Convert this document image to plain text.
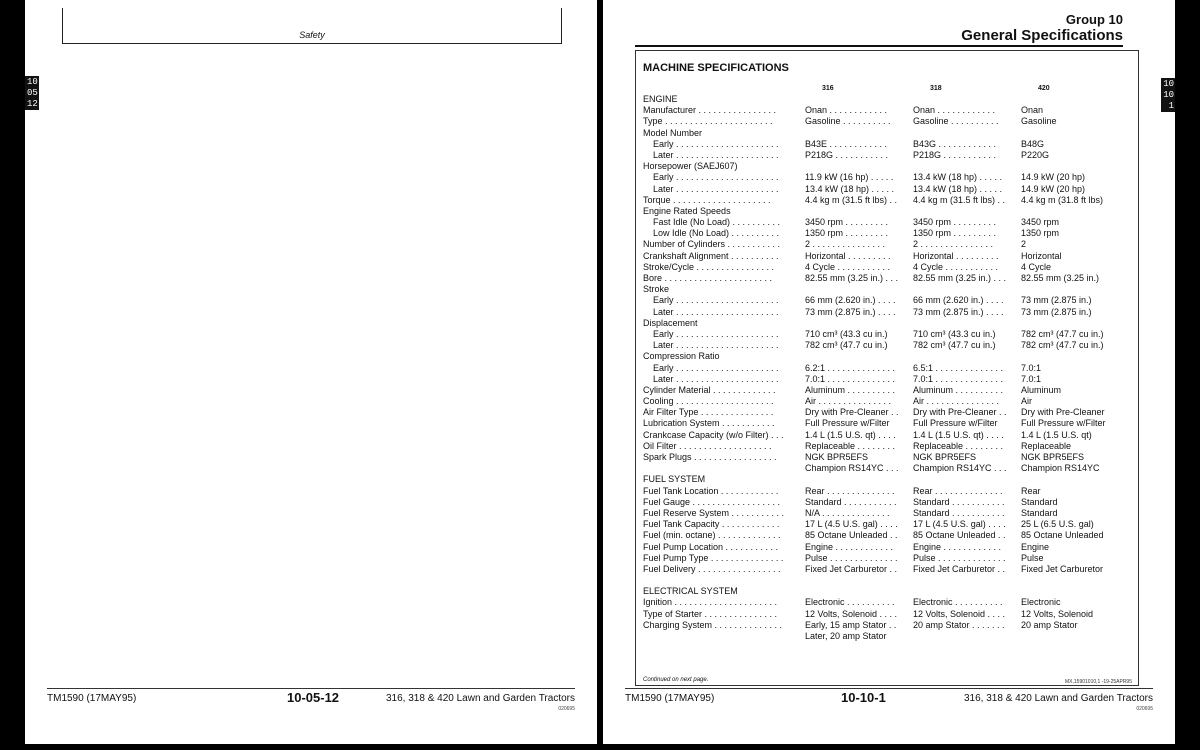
Safety
10
05
12
TM1590 (17MAY95)	10-05-12	316, 318 & 420 Lawn and Garden Tractors
020695
Group 10
General Specifications
10
10
1
MACHINE SPECIFICATIONS
316	318	420
ENGINE
Manufacturer . . . . . . . . . . . . . . . .	Onan . . . . . . . . . . . .	Onan . . . . . . . . . . . .	Onan
Type . . . . . . . . . . . . . . . . . . . . . .	Gasoline . . . . . . . . . .	Gasoline . . . . . . . . . .	Gasoline
Model Number
Early . . . . . . . . . . . . . . . . . . . . .	B43E . . . . . . . . . . . .	B43G . . . . . . . . . . . .	B48G
Later . . . . . . . . . . . . . . . . . . . . .	P218G . . . . . . . . . . .	P218G . . . . . . . . . . .	P220G
Horsepower (SAEJ607)
Early . . . . . . . . . . . . . . . . . . . . .	11.9 kW (16 hp) . . . . .	13.4 kW (18 hp) . . . . .	14.9 kW (20 hp)
Later . . . . . . . . . . . . . . . . . . . . .	13.4 kW (18 hp) . . . . .	13.4 kW (18 hp) . . . . .	14.9 kW (20 hp)
Torque . . . . . . . . . . . . . . . . . . . .	4.4 kg m (31.5 ft lbs) . .	4.4 kg m (31.5 ft lbs) . .	4.4 kg m (31.8 ft lbs)
Engine Rated Speeds
Fast Idle (No Load) . . . . . . . . . .	3450 rpm . . . . . . . . .	3450 rpm . . . . . . . . .	3450 rpm
Low Idle (No Load) . . . . . . . . . .	1350 rpm . . . . . . . . .	1350 rpm . . . . . . . . .	1350 rpm
Number of Cylinders . . . . . . . . . . .	2 . . . . . . . . . . . . . . .	2 . . . . . . . . . . . . . . .	2
Crankshaft Alignment . . . . . . . . . .	Horizontal . . . . . . . . .	Horizontal . . . . . . . . .	Horizontal
Stroke/Cycle . . . . . . . . . . . . . . . .	4 Cycle . . . . . . . . . . .	4 Cycle . . . . . . . . . . .	4 Cycle
Bore . . . . . . . . . . . . . . . . . . . . . .	82.55 mm (3.25 in.) . . .	82.55 mm (3.25 in.) . . .	82.55 mm (3.25 in.)
Stroke
Early . . . . . . . . . . . . . . . . . . . . .	66 mm (2.620 in.) . . . .	66 mm (2.620 in.) . . . .	73 mm (2.875 in.)
Later . . . . . . . . . . . . . . . . . . . . .	73 mm (2.875 in.) . . . .	73 mm (2.875 in.) . . . .	73 mm (2.875 in.)
Displacement
Early . . . . . . . . . . . . . . . . . . . . .	710 cm³ (43.3 cu in.)	710 cm³ (43.3 cu in.)	782 cm³ (47.7 cu in.)
Later . . . . . . . . . . . . . . . . . . . . .	782 cm³ (47.7 cu in.)	782 cm³ (47.7 cu in.)	782 cm³ (47.7 cu in.)
Compression Ratio
Early . . . . . . . . . . . . . . . . . . . . .	6.2:1 . . . . . . . . . . . . . .	6.5:1 . . . . . . . . . . . . . .	7.0:1
Later . . . . . . . . . . . . . . . . . . . . .	7.0:1 . . . . . . . . . . . . . .	7.0:1 . . . . . . . . . . . . . .	7.0:1
Cylinder Material . . . . . . . . . . . . .	Aluminum . . . . . . . . . .	Aluminum . . . . . . . . . .	Aluminum
Cooling . . . . . . . . . . . . . . . . . . . .	Air . . . . . . . . . . . . . . .	Air . . . . . . . . . . . . . . .	Air
Air Filter Type . . . . . . . . . . . . . . .	Dry with Pre-Cleaner . .	Dry with Pre-Cleaner . .	Dry with Pre-Cleaner
Lubrication System . . . . . . . . . . .	Full Pressure w/Filter	Full Pressure w/Filter	Full Pressure w/Filter
Crankcase Capacity (w/o Filter) . . .	1.4 L (1.5 U.S. qt) . . . .	1.4 L (1.5 U.S. qt) . . . .	1.4 L (1.5 U.S. qt)
Oil Filter . . . . . . . . . . . . . . . . . . .	Replaceable . . . . . . . .	Replaceable . . . . . . . .	Replaceable
Spark Plugs . . . . . . . . . . . . . . . . .	NGK BPR5EFS	NGK BPR5EFS	NGK BPR5EFS
Champion RS14YC . . .	Champion RS14YC . . .	Champion RS14YC
FUEL SYSTEM
Fuel Tank Location . . . . . . . . . . . .	Rear . . . . . . . . . . . . . .	Rear . . . . . . . . . . . . . .	Rear
Fuel Gauge . . . . . . . . . . . . . . . . . .	Standard . . . . . . . . . . .	Standard . . . . . . . . . . .	Standard
Fuel Reserve System . . . . . . . . . . .	N/A . . . . . . . . . . . . . .	Standard . . . . . . . . . . .	Standard
Fuel Tank Capacity . . . . . . . . . . . .	17 L (4.5 U.S. gal) . . . .	17 L (4.5 U.S. gal) . . . .	25 L (6.5 U.S. gal)
Fuel (min. octane) . . . . . . . . . . . . .	85 Octane Unleaded . .	85 Octane Unleaded . .	85 Octane Unleaded
Fuel Pump Location . . . . . . . . . . .	Engine . . . . . . . . . . . .	Engine . . . . . . . . . . . .	Engine
Fuel Pump Type . . . . . . . . . . . . . . .	Pulse . . . . . . . . . . . . . .	Pulse . . . . . . . . . . . . . .	Pulse
Fuel Delivery . . . . . . . . . . . . . . . . .	Fixed Jet Carburetor . .	Fixed Jet Carburetor . .	Fixed Jet Carburetor
ELECTRICAL SYSTEM
Ignition . . . . . . . . . . . . . . . . . . . . .	Electronic . . . . . . . . . .	Electronic . . . . . . . . . .	Electronic
Type of Starter . . . . . . . . . . . . . . .	12 Volts, Solenoid . . . .	12 Volts, Solenoid . . . .	12 Volts, Solenoid
Charging System . . . . . . . . . . . . . .	Early, 15 amp Stator . .	20 amp Stator . . . . . . .	20 amp Stator
Later, 20 amp Stator
Continued on next page.	MX,15901010,1 -19-25APR95
TM1590 (17MAY95)	10-10-1	316, 318 & 420 Lawn and Garden Tractors
020695
